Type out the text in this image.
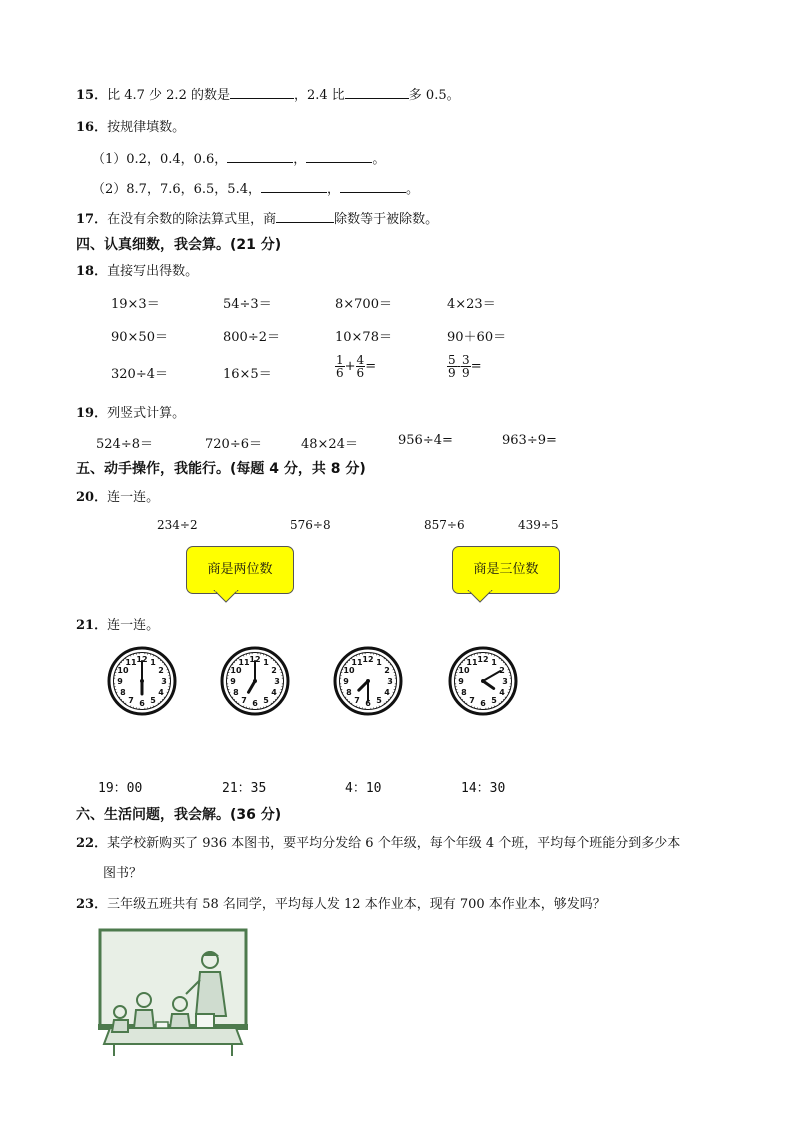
15．比 4.7 少 2.2 的数是	，2.4 比	多 0.5。
16．按规律填数。
（1）0.2，0.4，0.6，	，	。
（2）8.7，7.6，6.5，5.4，	，	。
17．在没有余数的除法算式里，商	除数等于被除数。
四、认真细数，我会算。(21 分)
18．直接写出得数。
19×3＝	54÷3＝	8×700＝	4×23＝
90×50＝	800÷2＝	10×78＝	90＋60＝
320÷4＝	16×5＝	$\frac{1}{6} + \frac{4}{6}$ =	$\frac{5}{9} - \frac{3}{9}$ =
19．列竖式计算。
524÷8＝	720÷6＝	48×24＝	956÷4=	963÷9=
五、动手操作，我能行。(每题 4 分，共 8 分)
20．连一连。
234÷2	576÷8	857÷6	439÷5
商是两位数	商是三位数
21．连一连。
1
2
3
4
5
6
7
8
9
10
11 12	1
2
3
4
5
6
7
8
9
10
11 12	1
2
3
4
5
6
7
8
9
10
11 12	1
2
3
4
5
6
7
8
9
10
11 12
19：00	21：35	4：10	14：30
六、生活问题，我会解。(36 分)
22．某学校新购买了 936 本图书，要平均分发给 6 个年级，每个年级 4 个班，平均每个班能分到多少本
图书？
23．三年级五班共有 58 名同学，平均每人发 12 本作业本，现有 700 本作业本，够发吗？
